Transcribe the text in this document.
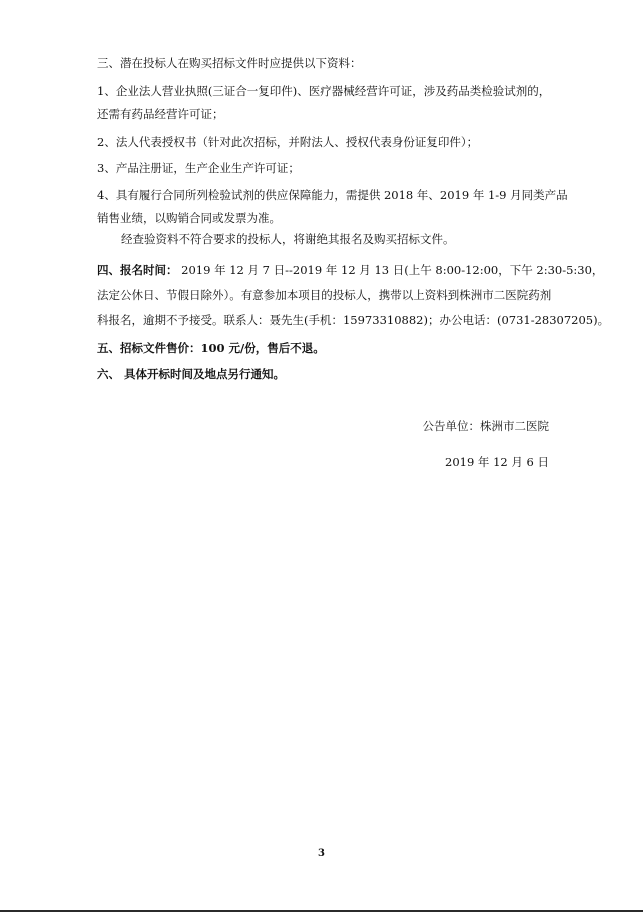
三、潜在投标人在购买招标文件时应提供以下资料：
1、企业法人营业执照(三证合一复印件)、医疗器械经营许可证，涉及药品类检验试剂的，
还需有药品经营许可证；
2、法人代表授权书（针对此次招标，并附法人、授权代表身份证复印件）；
3、产品注册证，生产企业生产许可证；
4、具有履行合同所列检验试剂的供应保障能力，需提供 2018 年、2019 年 1-9 月同类产品
销售业绩，以购销合同或发票为准。
经查验资料不符合要求的投标人，将谢绝其报名及购买招标文件。
四、报名时间： 2019 年 12 月 7 日--2019 年 12 月 13 日(上午 8:00-12:00，下午 2:30-5:30，
法定公休日、节假日除外）。有意参加本项目的投标人，携带以上资料到株洲市二医院药剂
科报名，逾期不予接受。联系人：聂先生(手机：15973310882)；办公电话：(0731-28307205)。
五、招标文件售价：100 元/份，售后不退。
六、 具体开标时间及地点另行通知。
公告单位：株洲市二医院
2019 年 12 月 6 日
3
